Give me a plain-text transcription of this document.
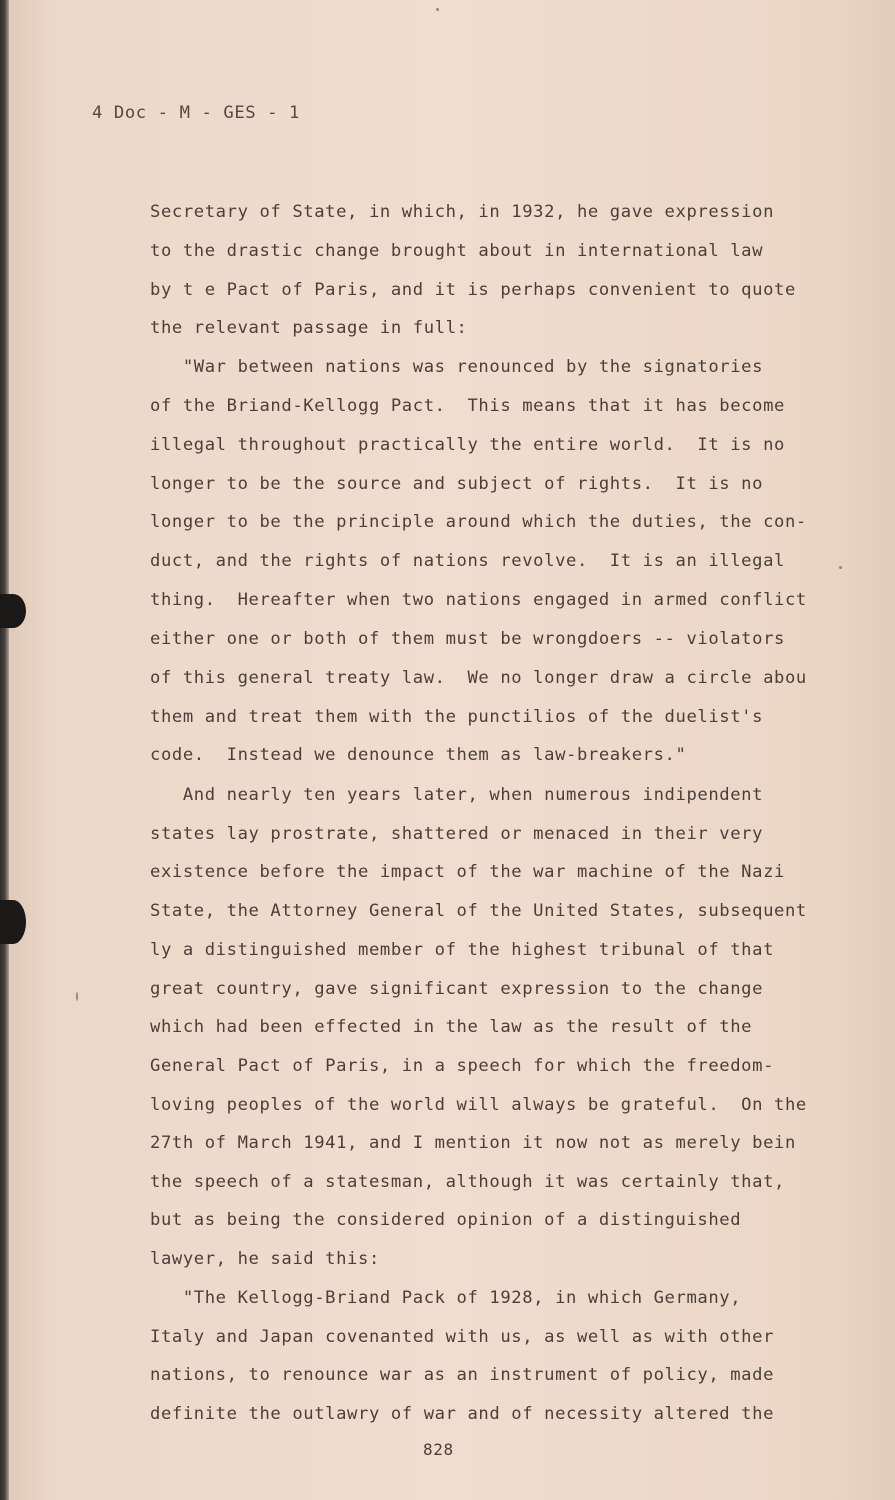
4 Doc - M - GES - 1
Secretary of State, in which, in 1932, he gave expression
to the drastic change brought about in international law
by t e Pact of Paris, and it is perhaps convenient to quote
the relevant passage in full:
"War between nations was renounced by the signatories
of the Briand-Kellogg Pact.  This means that it has become
illegal throughout practically the entire world.  It is no
longer to be the source and subject of rights.  It is no
longer to be the principle around which the duties, the con-
duct, and the rights of nations revolve.  It is an illegal
thing.  Hereafter when two nations engaged in armed conflict
either one or both of them must be wrongdoers -- violators
of this general treaty law.  We no longer draw a circle abou
them and treat them with the punctilios of the duelist's
code.  Instead we denounce them as law-breakers."
And nearly ten years later, when numerous indipendent
states lay prostrate, shattered or menaced in their very
existence before the impact of the war machine of the Nazi
State, the Attorney General of the United States, subsequent
ly a distinguished member of the highest tribunal of that
great country, gave significant expression to the change
which had been effected in the law as the result of the
General Pact of Paris, in a speech for which the freedom-
loving peoples of the world will always be grateful.  On the
27th of March 1941, and I mention it now not as merely bein
the speech of a statesman, although it was certainly that,
but as being the considered opinion of a distinguished
lawyer, he said this:
"The Kellogg-Briand Pack of 1928, in which Germany,
Italy and Japan covenanted with us, as well as with other
nations, to renounce war as an instrument of policy, made
definite the outlawry of war and of necessity altered the
828
